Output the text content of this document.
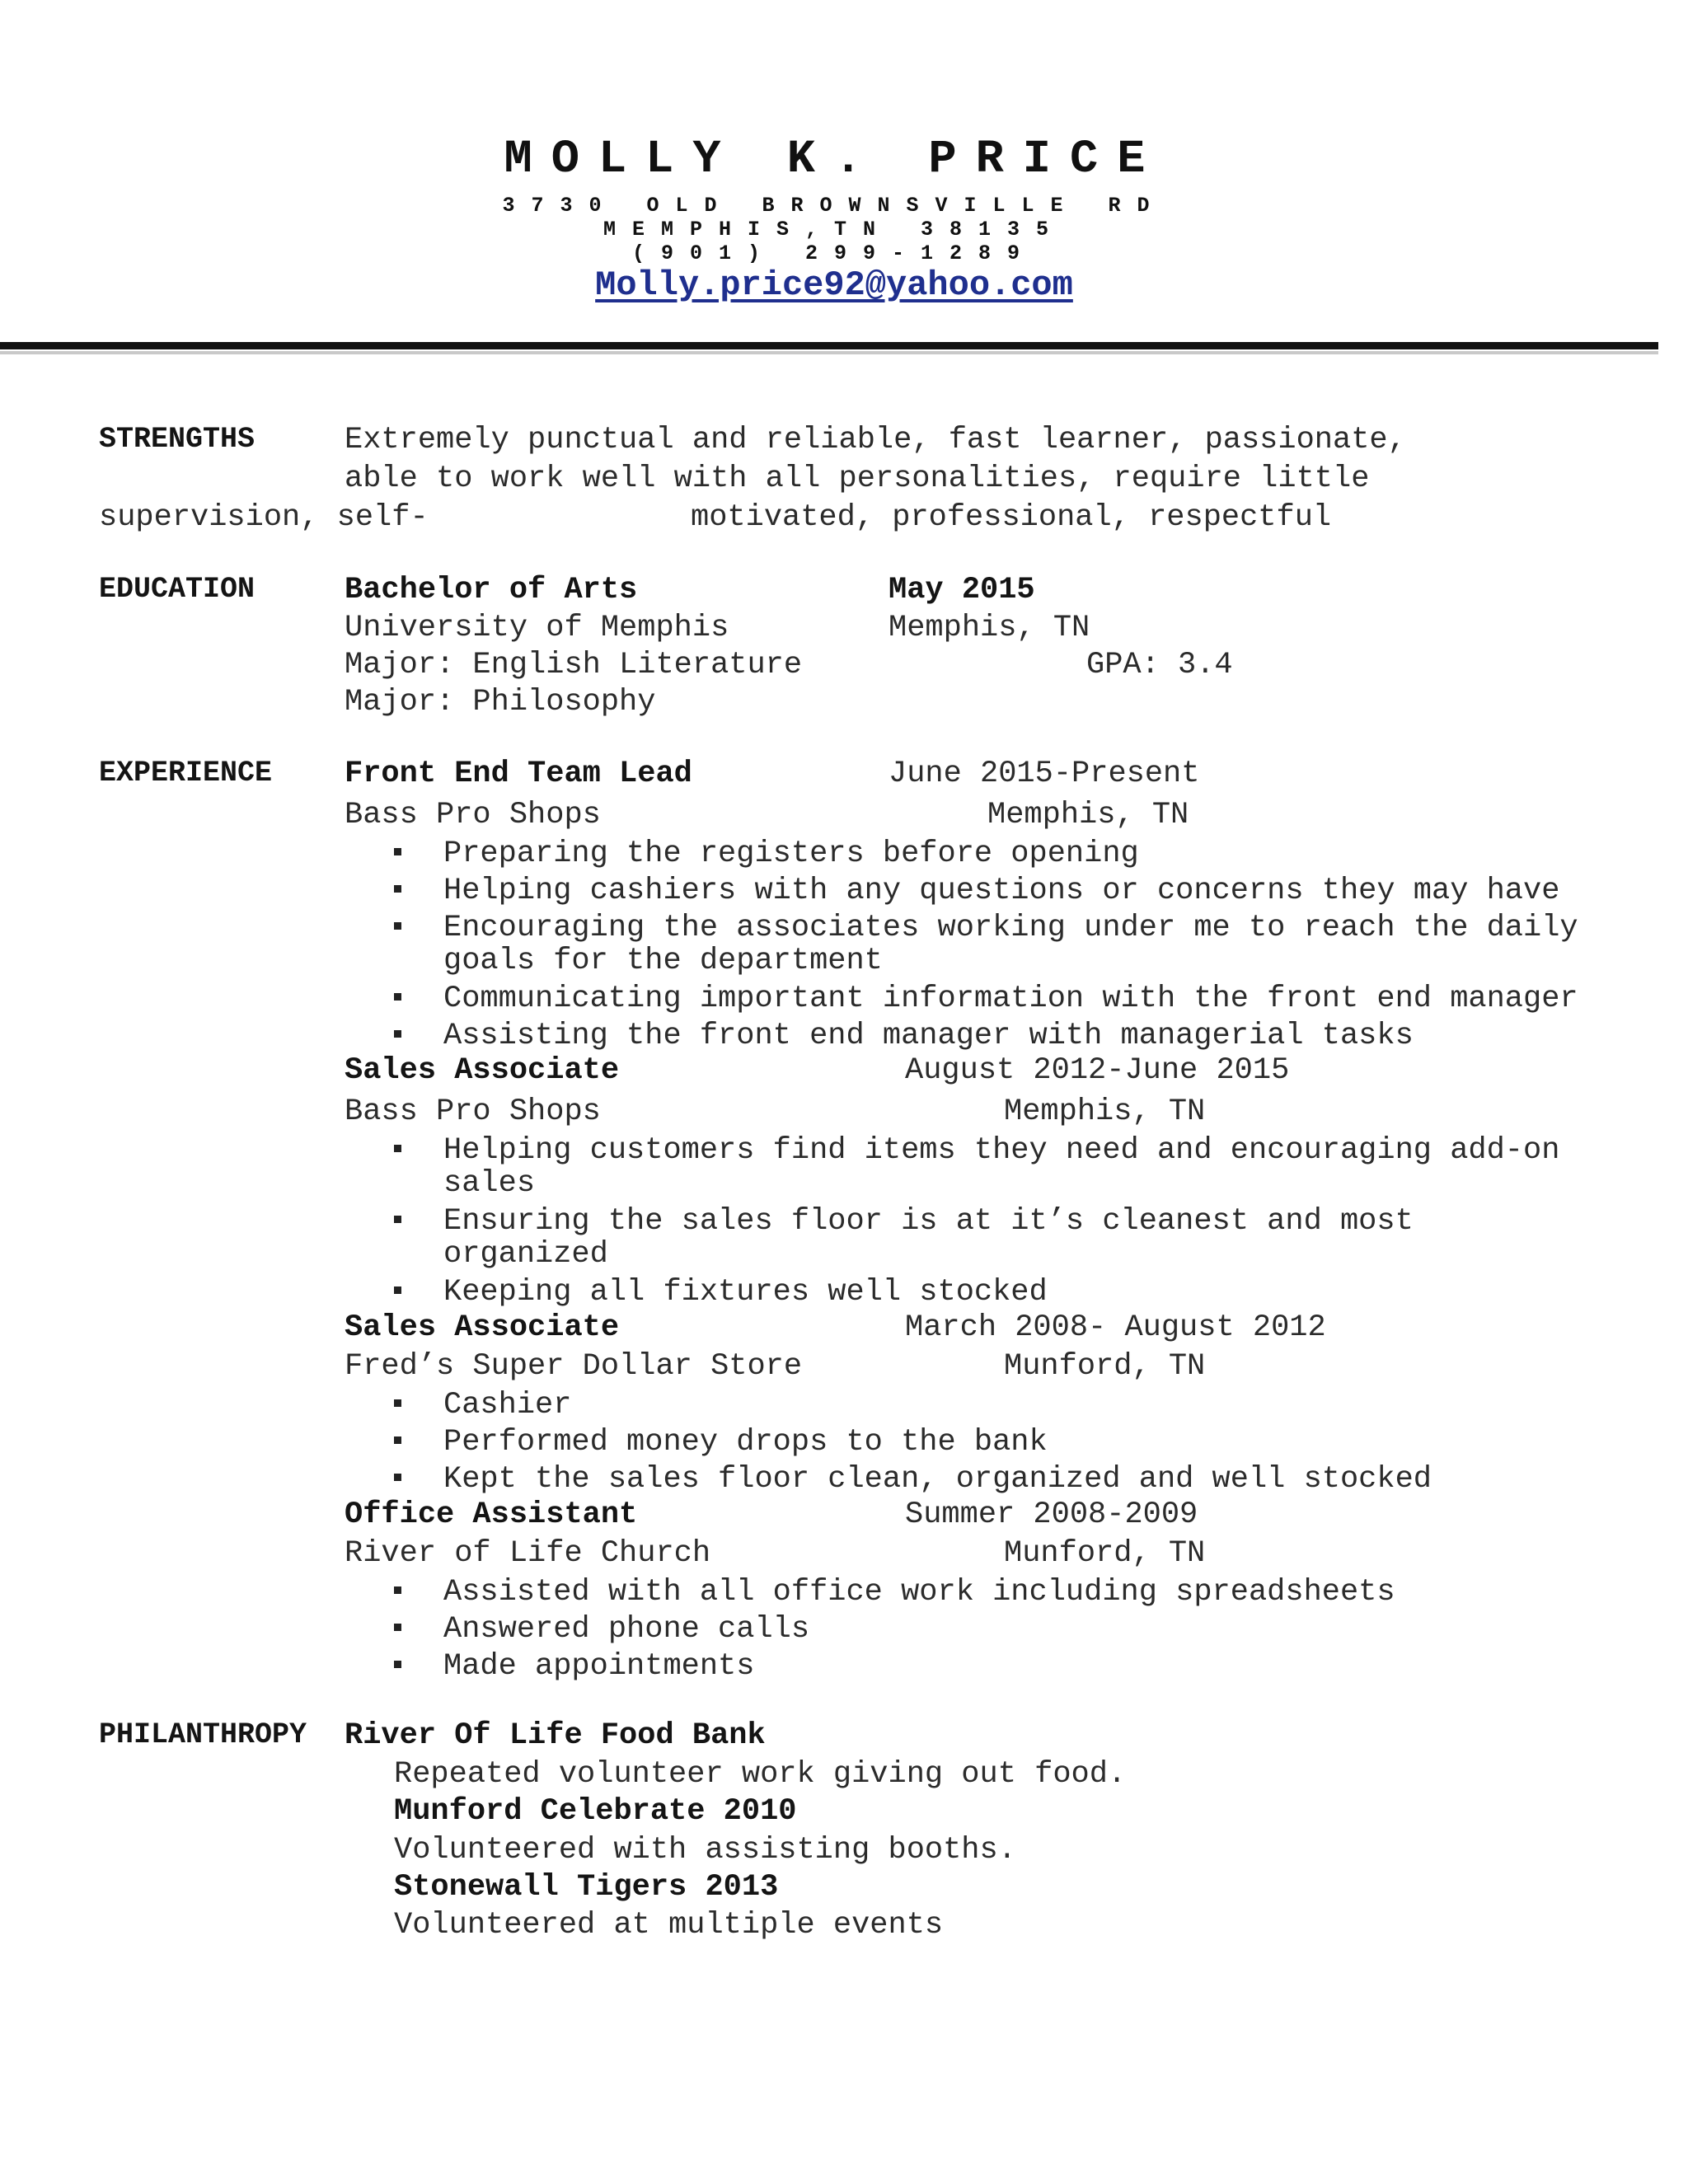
MOLLY K. PRICE
3730 OLD BROWNSVILLE RD
MEMPHIS,TN 38135
(901) 299-1289
Molly.price92@yahoo.com
STRENGTHS	Extremely punctual and reliable, fast learner, passionate,
able to work well with all personalities, require little
supervision, self-	motivated, professional, respectful
EDUCATION	Bachelor of Arts	May 2015
University of Memphis	Memphis, TN
Major: English Literature	GPA: 3.4
Major: Philosophy
EXPERIENCE Front End Team Lead	June 2015-Present
Bass Pro Shops	Memphis, TN
Preparing the registers before opening
Helping cashiers with any questions or concerns they may have
Encouraging the associates working under me to reach the daily
goals for the department
Communicating important information with the front end manager
Assisting the front end manager with managerial tasks
Sales Associate	August 2012-June 2015
Bass Pro Shops	Memphis, TN
Helping customers find items they need and encouraging add-on
sales
Ensuring the sales floor is at it’s cleanest and most
organized
Keeping all fixtures well stocked
Sales Associate	March 2008- August 2012
Fred’s Super Dollar Store	Munford, TN
Cashier
Performed money drops to the bank
Kept the sales floor clean, organized and well stocked
Office Assistant	Summer 2008-2009
River of Life Church	Munford, TN
Assisted with all office work including spreadsheets
Answered phone calls
Made appointments
PHILANTHROPY River Of Life Food Bank
Repeated volunteer work giving out food.
Munford Celebrate 2010
Volunteered with assisting booths.
Stonewall Tigers 2013
Volunteered at multiple events
